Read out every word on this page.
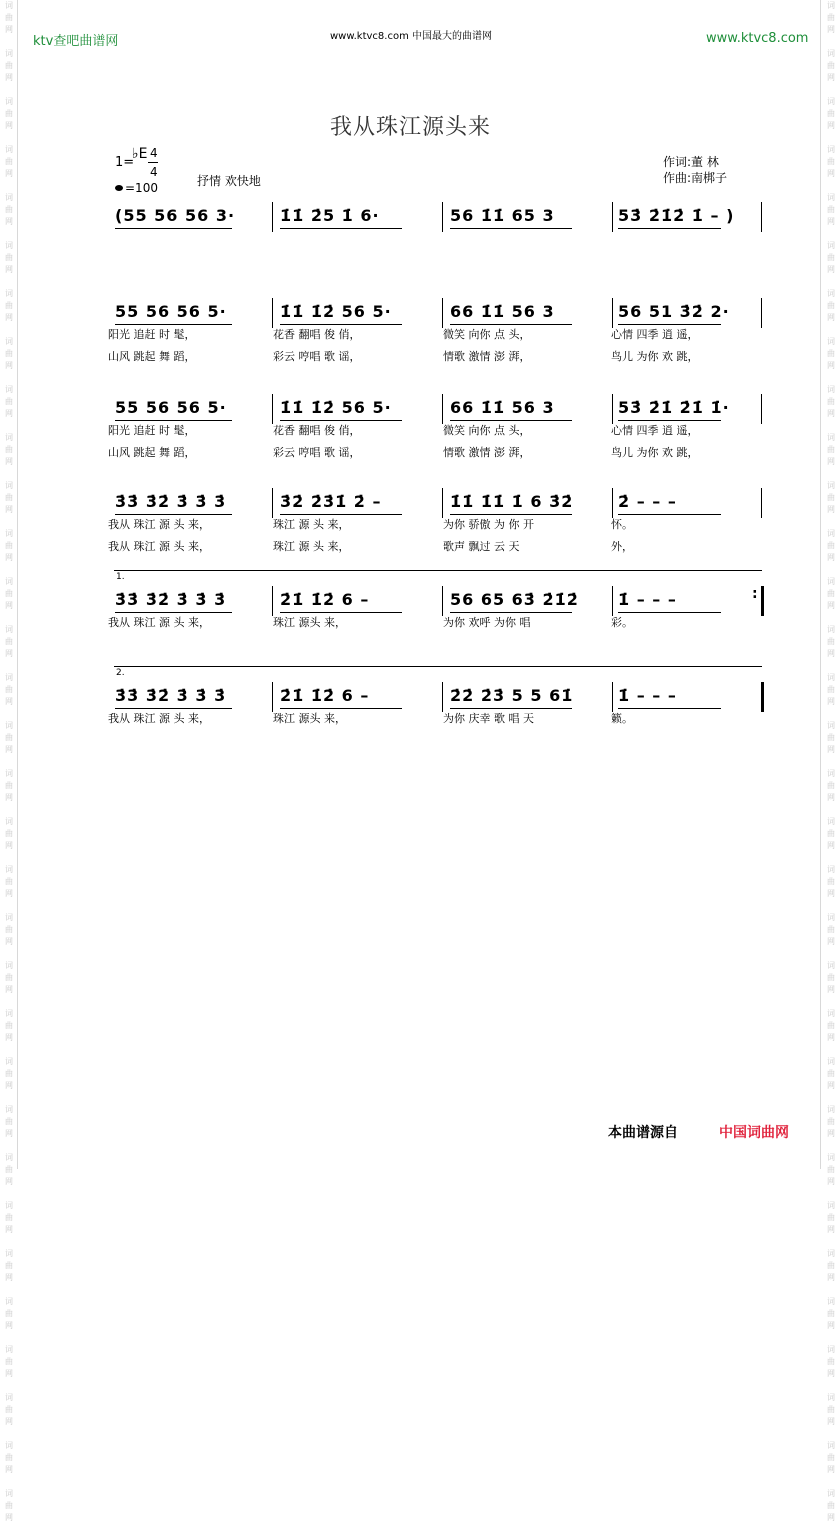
词
曲
网

词
曲
网

词
曲
网

词
曲
网

词
曲
网

词
曲
网

词
曲
网

词
曲
网

词
曲
网

词
曲
网

词
曲
网

词
曲
网

词
曲
网

词
曲
网

词
曲
网

词
曲
网

词
曲
网

词
曲
网

词
曲
网

词
曲
网

词
曲
网

词
曲
网

词
曲
网

词
曲
网

词
曲
网

词
曲
网

词
曲
网

词
曲
网

词
曲
网

词
曲
网

词
曲
网

词
曲
网

词
曲
网

词
曲
网

词
曲
网

词
曲
网

词
曲
网

词
曲
网

词
曲
网

词
曲
网

词
曲
网

词
曲
网

词
曲
网

词
曲
网

词
曲
网

词
曲
网

词
曲
网

词
曲
网

词
曲
网

词
曲
网

词
曲
网

词
曲
网

词
曲
网

词
曲
网

词
曲
网

词
曲
网

词
曲
网

词
曲
网

词
曲
网

词
曲
网

词
曲
网

词
曲
网

词
曲
网

词
曲
网

ktv查吧曲谱网	www.ktvc8.com 中国最大的曲谱网	www.ktvc8.com
我从珠江源头来
1=
♭E 4
4
=100	抒情 欢快地
作词:董 林
作曲:南梆子
(55 56 56 3·	1̇1̇ 2̇5 1̇ 6·	56 1̇1̇ 65 3	53̇ 2̇1̇2̇ 1̇ – )
55 56 56 5·	1̇1̇ 1̇2̇ 56 5·	66 1̇1̇ 56 3	56 51 3̇2̇ 2·
阳光 追赶 时 髦，	花香 翻唱 俊 俏，	微笑 向你 点 头，	心情 四季 逍 遥，
山风 跳起 舞 蹈，	彩云 哼唱 歌 谣，	情歌 激情 澎 湃，	鸟儿 为你 欢 跳，
55 56 56 5·	1̇1̇ 1̇2̇ 56 5·	66 1̇1̇ 56 3	53̇ 2̇1̇ 2̇1̇ 1̇·
阳光 追赶 时 髦，	花香 翻唱 俊 俏，	微笑 向你 点 头，	心情 四季 逍 遥，
山风 跳起 舞 蹈，	彩云 哼唱 歌 谣，	情歌 激情 澎 湃，	鸟儿 为你 欢 跳，
3̇3̇ 3̇2̇ 3̇ 3̇ 3̇	3̇2̇ 2̇3̇1̇ 2̇ –	1̇1̇ 1̇1̇ 1̇ 6 3̇2̇	2̇ – – –
我从 珠江 源 头 来，	珠江 源 头 来，	为你 骄傲 为 你 开	怀。
我从 珠江 源 头 来，	珠江 源 头 来，	歌声 飘过 云 天	外，
1.
3̇3̇ 3̇2̇ 3̇ 3̇ 3̇	2̇1̇ 1̇2̇ 6 –	56 65 63̇ 2̇1̇2̇ 1̇ – – –
我从 珠江 源 头 来，	珠江 源头 来，	为你 欢呼 为你 唱	彩。
2.
3̇3̇ 3̇2̇ 3̇ 3̇ 3̇	2̇1̇ 1̇2̇ 6 –	2̇2̇ 2̇3̇ 5 5 61̇	1̇ – – –
我从 珠江 源 头 来，	珠江 源头 来，	为你 庆幸 歌 唱 天	籁。
:
本曲谱源自	中国词曲网
